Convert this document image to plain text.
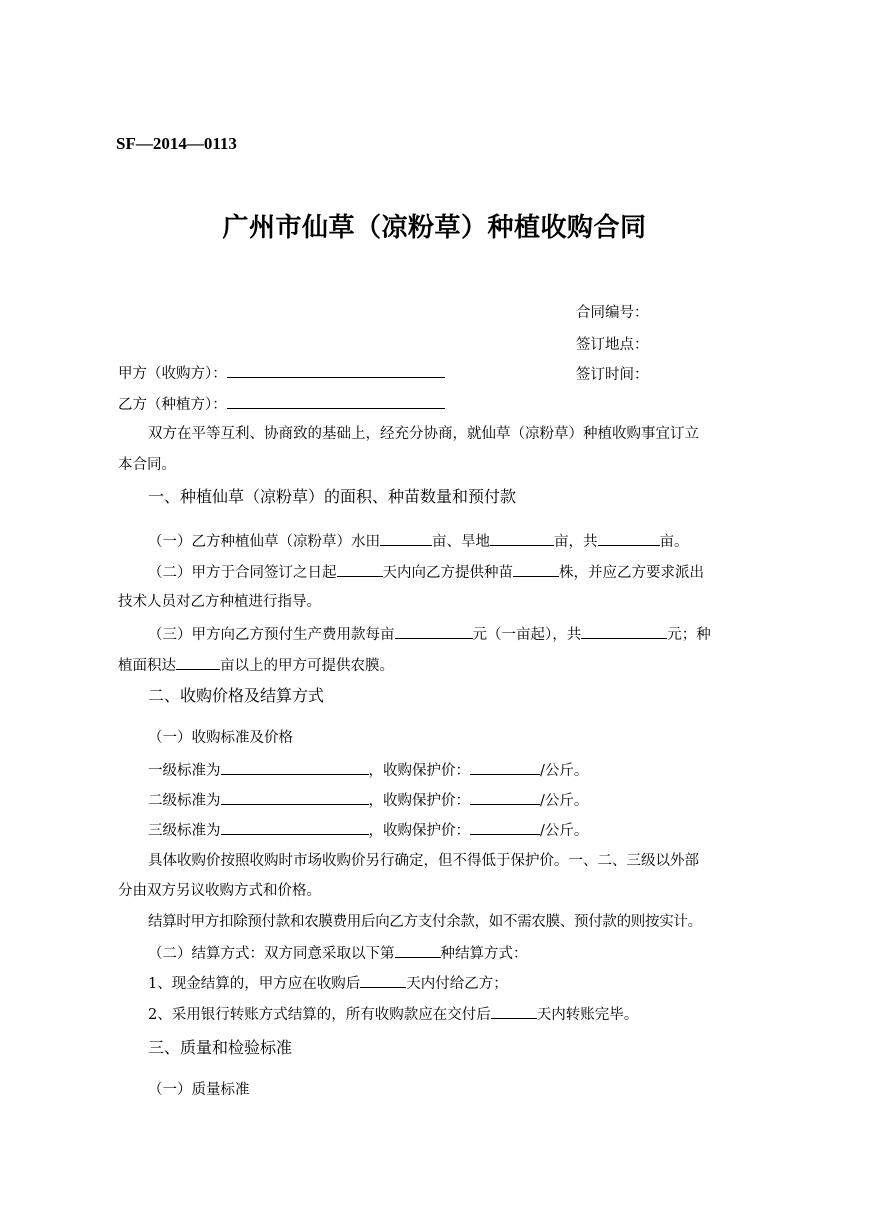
SF—2014—0113
广州市仙草（凉粉草）种植收购合同
合同编号：
签订地点：
签订时间：
甲方（收购方）：
乙方（种植方）：
双方在平等互利、协商致的基础上，经充分协商，就仙草（凉粉草）种植收购事宜订立
本合同。
一、种植仙草（凉粉草）的面积、种苗数量和预付款
（一）乙方种植仙草（凉粉草）水田	亩、旱地	亩，共	亩。
（二）甲方于合同签订之日起	天内向乙方提供种苗	株，并应乙方要求派出
技术人员对乙方种植进行指导。
（三）甲方向乙方预付生产费用款每亩	元（一亩起），共	元；种
植面积达	亩以上的甲方可提供农膜。
二、收购价格及结算方式
（一）收购标准及价格
一级标准为	，收购保护价：	/公斤。
二级标准为	，收购保护价：	/公斤。
三级标准为	，收购保护价：	/公斤。
具体收购价按照收购时市场收购价另行确定，但不得低于保护价。一、二、三级以外部
分由双方另议收购方式和价格。
结算时甲方扣除预付款和农膜费用后向乙方支付余款，如不需农膜、预付款的则按实计。
（二）结算方式：双方同意采取以下第	种结算方式：
1、现金结算的，甲方应在收购后	天内付给乙方；
2、采用银行转账方式结算的，所有收购款应在交付后	天内转账完毕。
三、质量和检验标准
（一）质量标准
